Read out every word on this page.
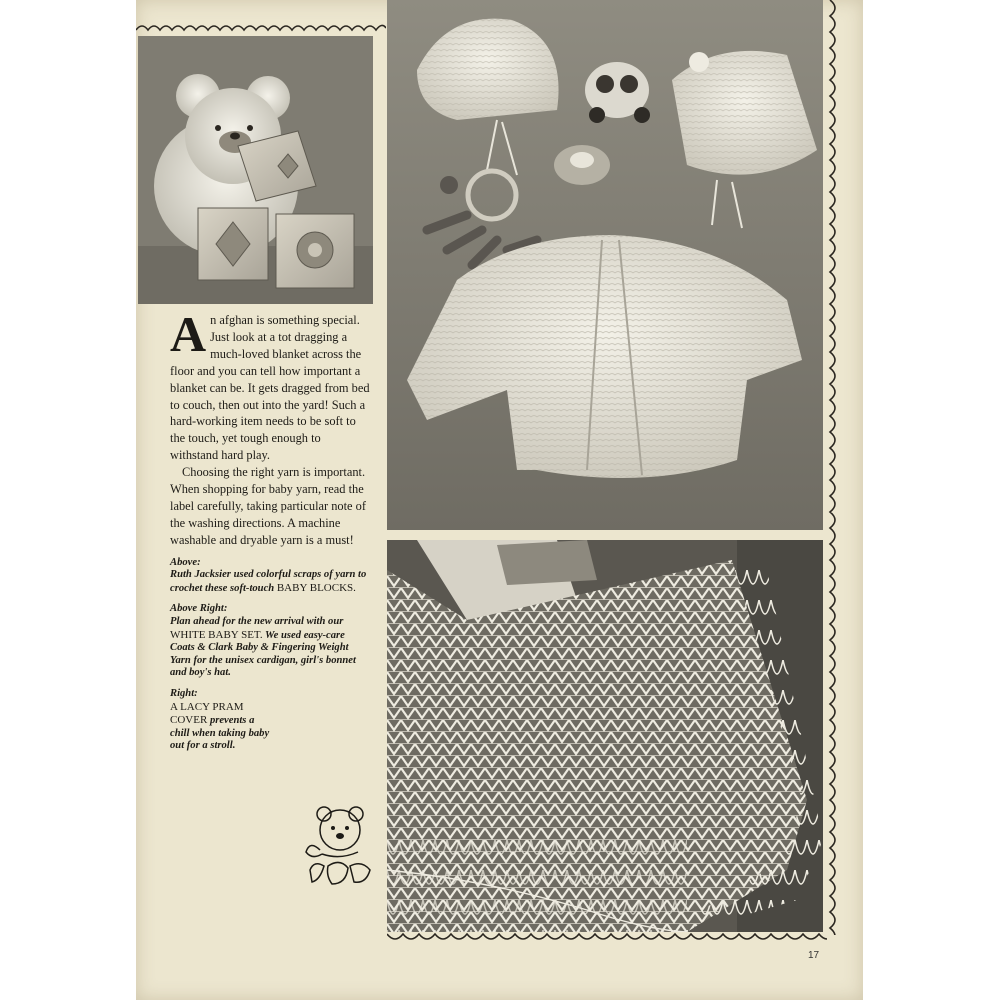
An afghan is something special. Just look at a tot dragging a much-loved blanket across the floor and you can tell how important a blanket can be. It gets dragged from bed to couch, then out into the yard! Such a hard-working item needs to be soft to the touch, yet tough enough to withstand hard play.

Choosing the right yarn is important. When shopping for baby yarn, read the label carefully, taking particular note of the washing directions. A machine washable and dryable yarn is a must!

Above:
Ruth Jacksier used colorful scraps of yarn to crochet these soft-touch BABY BLOCKS.
Above Right:
Plan ahead for the new arrival with our WHITE BABY SET. We used easy-care Coats & Clark Baby & Fingering Weight Yarn for the unisex cardigan, girl's bonnet and boy's hat.
Right:
A LACY PRAM COVER prevents a chill when taking baby out for a stroll.
17
